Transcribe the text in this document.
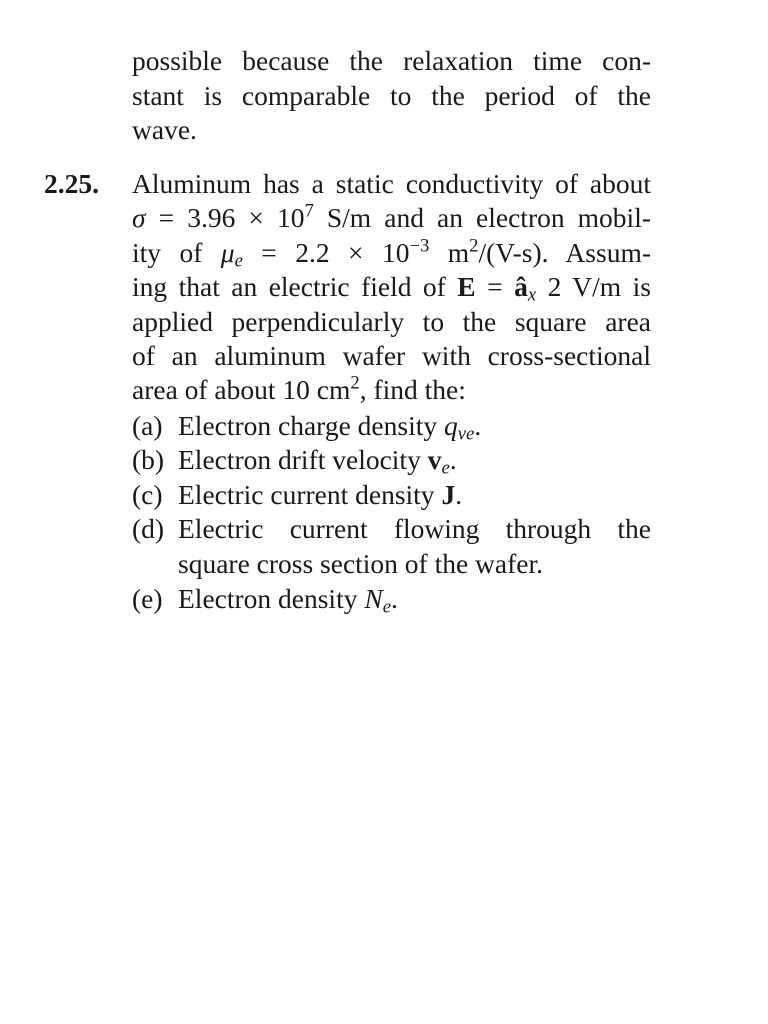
possible because the relaxation time con-
stant is comparable to the period of the
wave.
2.25. Aluminum has a static conductivity of about
$\sigma = 3.96 \times 10^7$ S/m and an electron mobil-
ity of $\mu_e = 2.2 \times 10^{-3}$ $m^2/(V-s)$. Assum-
ing that an electric field of $E = â_x$ 2 V/m is
applied perpendicularly to the square area
of an aluminum wafer with cross-sectional
area of about 10 $cm^2$, find the:
(a) Electron charge density $q_{ve}$.
(b) Electron drift velocity $v_e$.
(c) Electric current density J.
(d) Electric current flowing through the
square cross section of the wafer.
(e) Electron density $N_e$.
